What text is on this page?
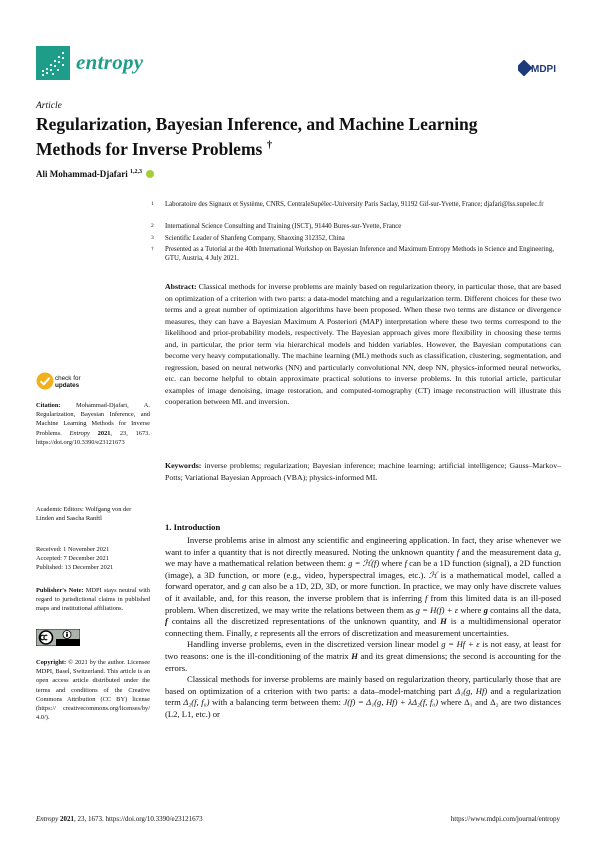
entropy	MDPI
Article
Regularization, Bayesian Inference, and Machine Learning Methods for Inverse Problems †
Ali Mohammad-Djafari $^{1,2,3}$
1 Laboratoire des Signaux et Système, CNRS, CentraleSupélec-University Paris Saclay, 91192 Gif-sur-Yvette, France; djafari@lss.supelec.fr
2 International Science Consulting and Training (ISCT), 91440 Bures-sur-Yvette, France
3 Scientific Leader of Shanfeng Company, Shaoxing 312352, China
† Presented as a Tutorial at the 40th International Workshop on Bayesian Inference and Maximum Entropy Methods in Science and Engineering, GTU, Austria, 4 July 2021.
Abstract: Classical methods for inverse problems are mainly based on regularization theory, in particular those, that are based on optimization of a criterion with two parts: a data-model matching and a regularization term. Different choices for these two terms and a great number of optimization algorithms have been proposed. When these two terms are distance or divergence measures, they can have a Bayesian Maximum A Posteriori (MAP) interpretation where these two terms correspond to the likelihood and prior-probability models, respectively. The Bayesian approach gives more flexibility in choosing these terms and, in particular, the prior term via hierarchical models and hidden variables. However, the Bayesian computations can become very heavy computationally. The machine learning (ML) methods such as classification, clustering, segmentation, and regression, based on neural networks (NN) and particularly convolutional NN, deep NN, physics-informed neural networks, etc. can become helpful to obtain approximate practical solutions to inverse problems. In this tutorial article, particular examples of image denoising, image restoration, and computed-tomography (CT) image reconstruction will illustrate this cooperation between ML and inversion.
Keywords: inverse problems; regularization; Bayesian inference; machine learning; artificial intelligence; Gauss–Markov–Potts; Variational Bayesian Approach (VBA); physics-informed ML
check for
updates
Citation: Mohammad-Djafari, A. Regularization, Bayesian Inference, and Machine Learning Methods for Inverse Problems. Entropy 2021, 23, 1673. https://doi.org/10.3390/e23121673
Academic Editors: Wolfgang von der
Linden and Sascha Ranftl
Received: 1 November 2021
Accepted: 7 December 2021
Published: 13 December 2021
Publisher's Note: MDPI stays neutral with regard to jurisdictional claims in published maps and institutional affiliations.
Copyright: © 2021 by the author. Licensee MDPI, Basel, Switzerland. This article is an open access article distributed under the terms and conditions of the Creative Commons Attribution (CC BY) license (https:// creativecommons.org/licenses/by/ 4.0/).
1. Introduction

Inverse problems arise in almost any scientific and engineering application. In fact, they arise whenever we want to infer a quantity that is not directly measured. Noting the unknown quantity f and the measurement data g, we may have a mathematical relation between them: g = ℋ(f) where f can be a 1D function (signal), a 2D function (image), a 3D function, or more (e.g., video, hyperspectral images, etc.). ℋ is a mathematical model, called a forward operator, and g can also be a 1D, 2D, 3D, or more function. In practice, we may only have discrete values of it available, and, for this reason, the inverse problem that is inferring f from this limited data is an ill-posed problem. When discretized, we may write the relations between them as g = H(f) + ε where g contains all the data, f contains all the discretized representations of the unknown quantity, and H is a multidimensional operator connecting them. Finally, ε represents all the errors of discretization and measurement uncertainties.

Handling inverse problems, even in the discretized version linear model g = Hf + ε is not easy, at least for two reasons: one is the ill-conditioning of the matrix H and its great dimensions; the second is accounting for the errors.

Classical methods for inverse problems are mainly based on regularization theory, particularly those that are based on optimization of a criterion with two parts: a data–model-matching part Δ₁(g, Hf) and a regularization term Δ₂(f, f₀) with a balancing term between them: J(f) = Δ₁(g, Hf) + λΔ₂(f, f₀) where Δ₁ and Δ₂ are two distances (L2, L1, etc.) or

Entropy 2021, 23, 1673. https://doi.org/10.3390/e23121673	https://www.mdpi.com/journal/entropy
